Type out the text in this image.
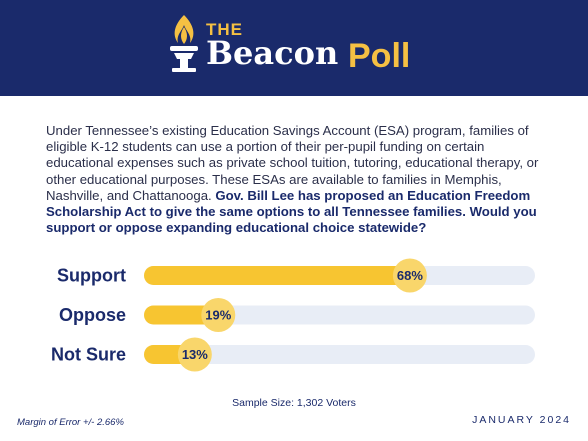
THE
Beacon Poll
Under Tennessee’s existing Education Savings Account (ESA) program, families of eligible K-12 students can use a portion of their per-pupil funding on certain educational expenses such as private school tuition, tutoring, educational therapy, or other educational purposes. These ESAs are available to families in Memphis, Nashville, and Chattanooga. Gov. Bill Lee has proposed an Education Freedom Scholarship Act to give the same options to all Tennessee families. Would you support or oppose expanding educational choice statewide?
Support	68%
Oppose	19%
Not Sure	13%
Sample Size: 1,302 Voters
Margin of Error +/- 2.66%	JANUARY 2024
